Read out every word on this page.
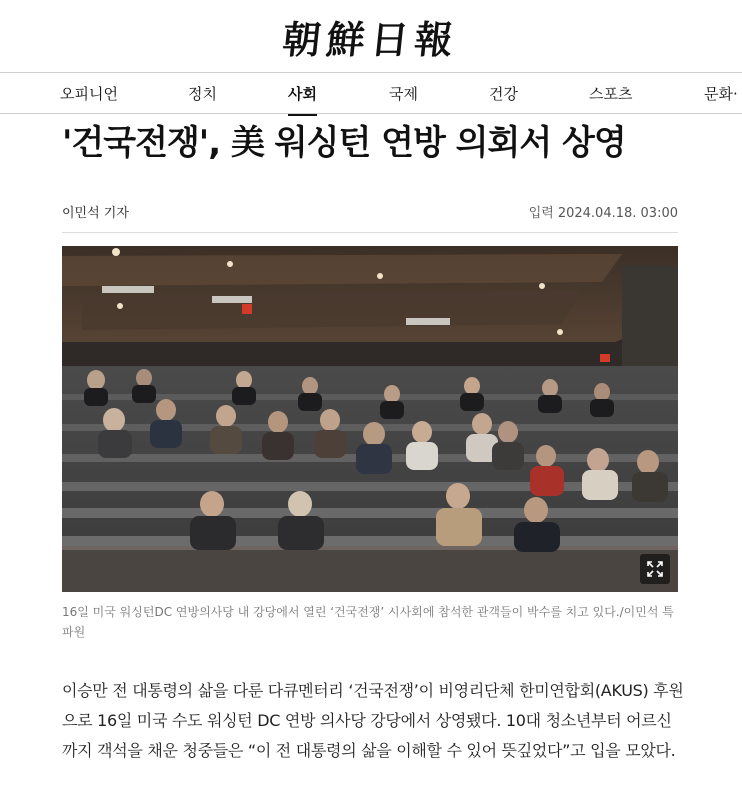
朝鮮日報
오피니언	정치	사회	국제	건강	스포츠	문화·
'건국전쟁', 美 워싱턴 연방 의회서 상영
이민석 기자	입력 2024.04.18. 03:00
16일 미국 워싱턴DC 연방의사당 내 강당에서 열린 ‘건국전쟁’ 시사회에 참석한 관객들이 박수를 치고 있다./이민석 특파원

이승만 전 대통령의 삶을 다룬 다큐멘터리 ‘건국전쟁’이 비영리단체 한미연합회(AKUS) 후원으로 16일 미국 수도 워싱턴 DC 연방 의사당 강당에서 상영됐다. 10대 청소년부터 어르신까지 객석을 채운 청중들은 “이 전 대통령의 삶을 이해할 수 있어 뜻깊었다”고 입을 모았다.
